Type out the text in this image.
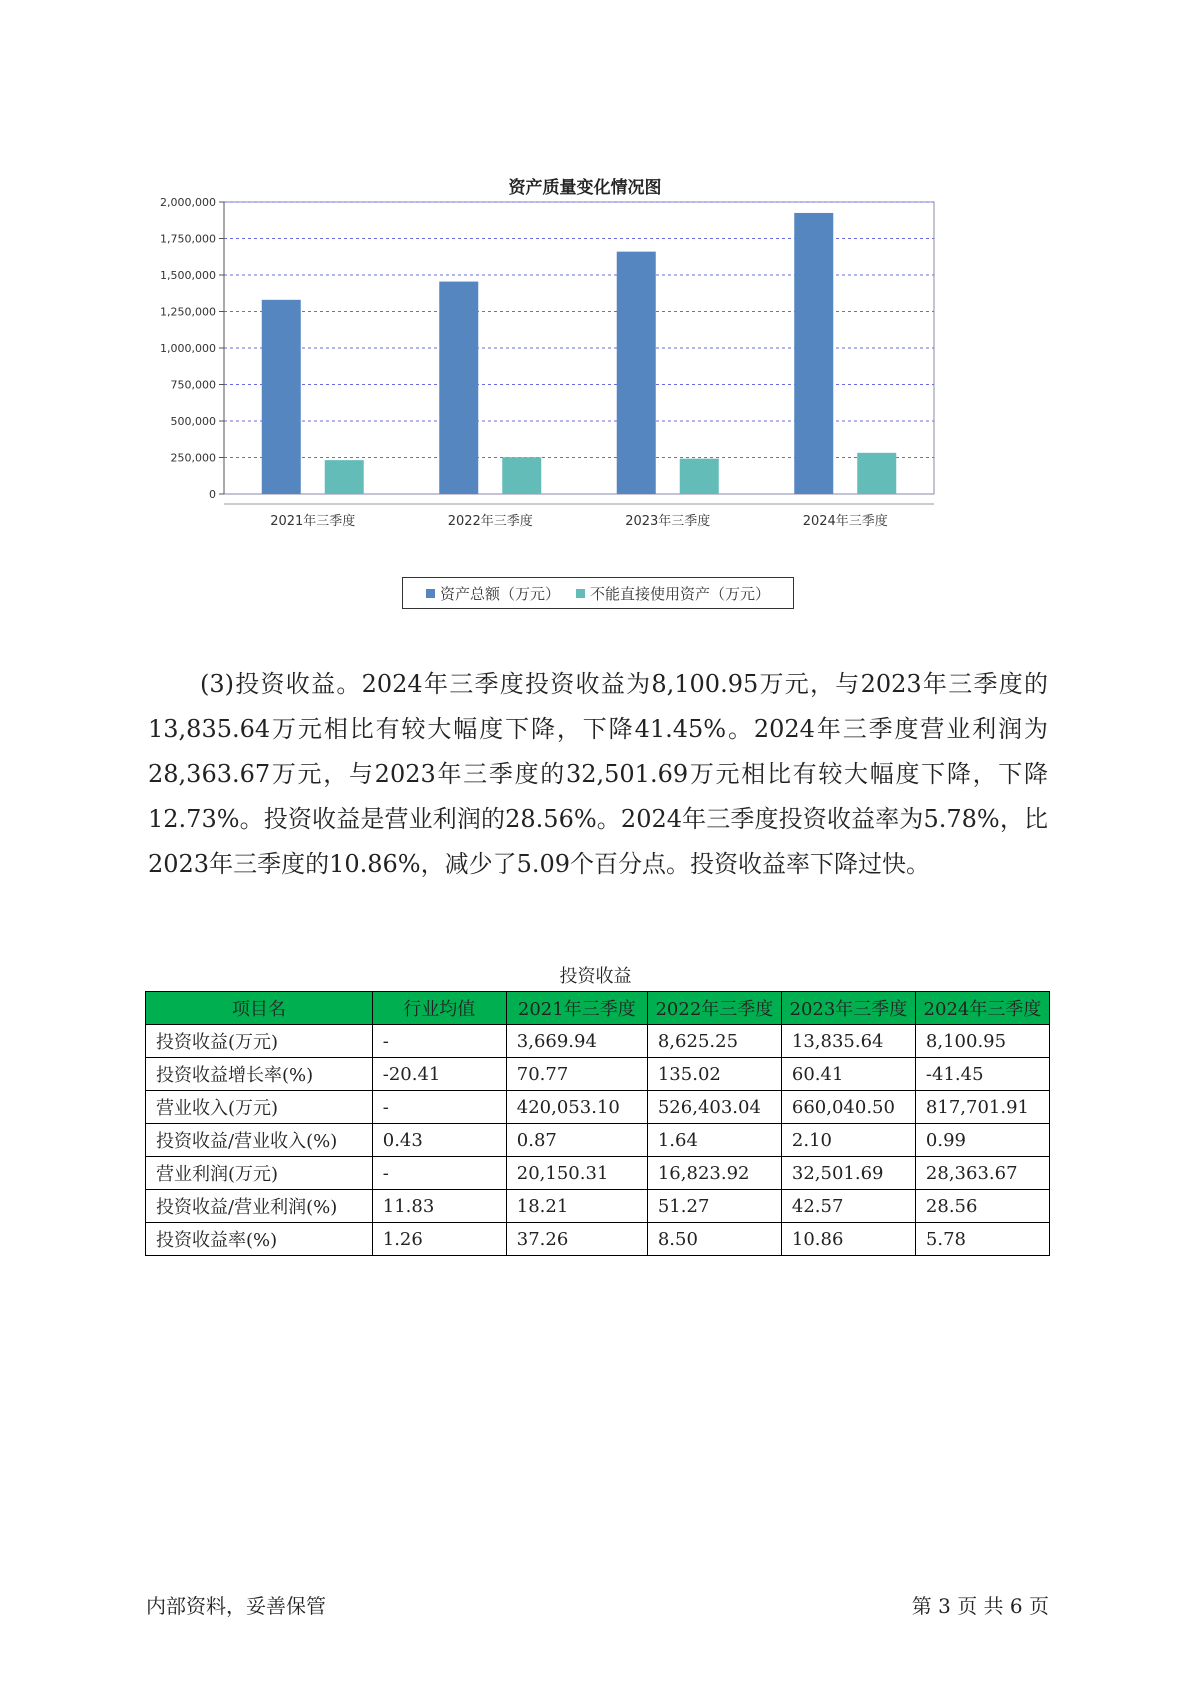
资产质量变化情况图
0
250,000
500,000
750,000
1,000,000
1,250,000
1,500,000
1,750,000
2,000,000
2021年三季度	2022年三季度	2023年三季度	2024年三季度
资产总额（万元） 不能直接使用资产（万元）

(3)投资收益。2024年三季度投资收益为8,100.95万元，与2023年三季度的13,835.64万元相比有较大幅度下降，下降41.45%。2024年三季度营业利润为28,363.67万元，与2023年三季度的32,501.69万元相比有较大幅度下降，下降12.73%。投资收益是营业利润的28.56%。2024年三季度投资收益率为5.78%，比2023年三季度的10.86%，减少了5.09个百分点。投资收益率下降过快。

投资收益
项目名	行业均值	2021年三季度	2022年三季度	2023年三季度	2024年三季度
投资收益(万元)	-	3,669.94	8,625.25	13,835.64	8,100.95
投资收益增长率(%)	-20.41	70.77	135.02	60.41	-41.45
营业收入(万元)	-	420,053.10	526,403.04	660,040.50	817,701.91
投资收益/营业收入(%)	0.43	0.87	1.64	2.10	0.99
营业利润(万元)	-	20,150.31	16,823.92	32,501.69	28,363.67
投资收益/营业利润(%)	11.83	18.21	51.27	42.57	28.56
投资收益率(%)	1.26	37.26	8.50	10.86	5.78
内部资料，妥善保管	第 3 页 共 6 页
